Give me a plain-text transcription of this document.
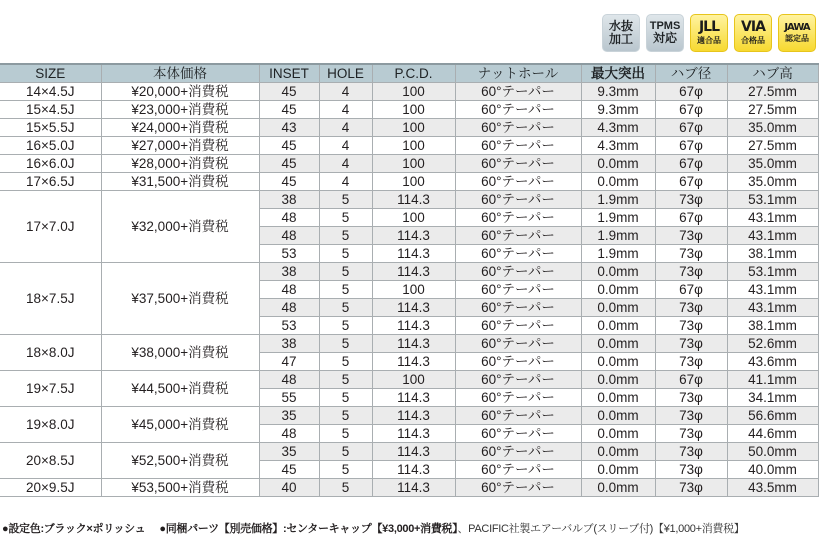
水抜
加工
TPMS
対応
JLL
適合品
VIA
合格品
JAWA
認定品
SIZE	本体価格	INSET	HOLE	P.C.D.	ナットホール	最大突出	ハブ径	ハブ高
14×4.5J	¥20,000+消費税	45	4	100	60°テーパー	9.3mm	67φ	27.5mm
15×4.5J	¥23,000+消費税	45	4	100	60°テーパー	9.3mm	67φ	27.5mm
15×5.5J	¥24,000+消費税	43	4	100	60°テーパー	4.3mm	67φ	35.0mm
16×5.0J	¥27,000+消費税	45	4	100	60°テーパー	4.3mm	67φ	27.5mm
16×6.0J	¥28,000+消費税	45	4	100	60°テーパー	0.0mm	67φ	35.0mm
17×6.5J	¥31,500+消費税	45	4	100	60°テーパー	0.0mm	67φ	35.0mm
17×7.0J	¥32,000+消費税	38	5	114.3	60°テーパー	1.9mm	73φ	53.1mm
		48	5	100	60°テーパー	1.9mm	67φ	43.1mm
		48	5	114.3	60°テーパー	1.9mm	73φ	43.1mm
		53	5	114.3	60°テーパー	1.9mm	73φ	38.1mm
18×7.5J	¥37,500+消費税	38	5	114.3	60°テーパー	0.0mm	73φ	53.1mm
		48	5	100	60°テーパー	0.0mm	67φ	43.1mm
		48	5	114.3	60°テーパー	0.0mm	73φ	43.1mm
		53	5	114.3	60°テーパー	0.0mm	73φ	38.1mm
18×8.0J	¥38,000+消費税	38	5	114.3	60°テーパー	0.0mm	73φ	52.6mm
		47	5	114.3	60°テーパー	0.0mm	73φ	43.6mm
19×7.5J	¥44,500+消費税	48	5	100	60°テーパー	0.0mm	67φ	41.1mm
		55	5	114.3	60°テーパー	0.0mm	73φ	34.1mm
19×8.0J	¥45,000+消費税	35	5	114.3	60°テーパー	0.0mm	73φ	56.6mm
		48	5	114.3	60°テーパー	0.0mm	73φ	44.6mm
20×8.5J	¥52,500+消費税	35	5	114.3	60°テーパー	0.0mm	73φ	50.0mm
		45	5	114.3	60°テーパー	0.0mm	73φ	40.0mm
20×9.5J	¥53,500+消費税	40	5	114.3	60°テーパー	0.0mm	73φ	43.5mm
●設定色:ブラック×ポリッシュ ●同梱パーツ【別売価格】:センターキャップ【¥3,000+消費税】、PACIFIC社製エアーバルブ(スリーブ付)【¥1,000+消費税】
